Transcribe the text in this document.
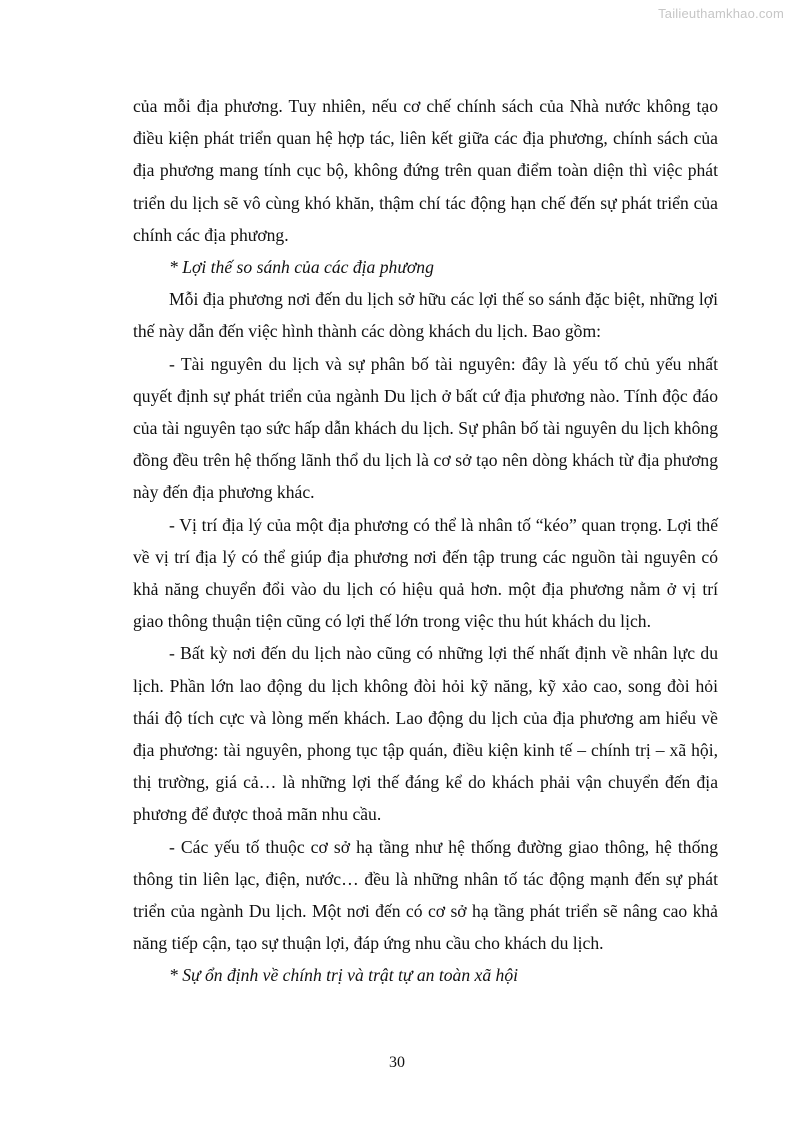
Tailieuthamkhao.com

của mỗi địa phương. Tuy nhiên, nếu cơ chế chính sách của Nhà nước không tạo điều kiện phát triển quan hệ hợp tác, liên kết giữa các địa phương, chính sách của địa phương mang tính cục bộ, không đứng trên quan điểm toàn diện thì việc phát triển du lịch sẽ vô cùng khó khăn, thậm chí tác động hạn chế đến sự phát triển của chính các địa phương.

* Lợi thế so sánh của các địa phương

Mỗi địa phương nơi đến du lịch sở hữu các lợi thế so sánh đặc biệt, những lợi thế này dẫn đến việc hình thành các dòng khách du lịch. Bao gồm:

- Tài nguyên du lịch và sự phân bố tài nguyên: đây là yếu tố chủ yếu nhất quyết định sự phát triển của ngành Du lịch ở bất cứ địa phương nào. Tính độc đáo của tài nguyên tạo sức hấp dẫn khách du lịch. Sự phân bố tài nguyên du lịch không đồng đều trên hệ thống lãnh thổ du lịch là cơ sở tạo nên dòng khách từ địa phương này đến địa phương khác.

- Vị trí địa lý của một địa phương có thể là nhân tố “kéo” quan trọng. Lợi thế về vị trí địa lý có thể giúp địa phương nơi đến tập trung các nguồn tài nguyên có khả năng chuyển đổi vào du lịch có hiệu quả hơn. một địa phương nằm ở vị trí giao thông thuận tiện cũng có lợi thế lớn trong việc thu hút khách du lịch.

- Bất kỳ nơi đến du lịch nào cũng có những lợi thế nhất định về nhân lực du lịch. Phần lớn lao động du lịch không đòi hỏi kỹ năng, kỹ xảo cao, song đòi hỏi thái độ tích cực và lòng mến khách. Lao động du lịch của địa phương am hiểu về địa phương: tài nguyên, phong tục tập quán, điều kiện kinh tế – chính trị – xã hội, thị trường, giá cả… là những lợi thế đáng kể do khách phải vận chuyển đến địa phương để được thoả mãn nhu cầu.

- Các yếu tố thuộc cơ sở hạ tầng như hệ thống đường giao thông, hệ thống thông tin liên lạc, điện, nước… đều là những nhân tố tác động mạnh đến sự phát triển của ngành Du lịch. Một nơi đến có cơ sở hạ tầng phát triển sẽ nâng cao khả năng tiếp cận, tạo sự thuận lợi, đáp ứng nhu cầu cho khách du lịch.

* Sự ổn định về chính trị và trật tự an toàn xã hội

30
